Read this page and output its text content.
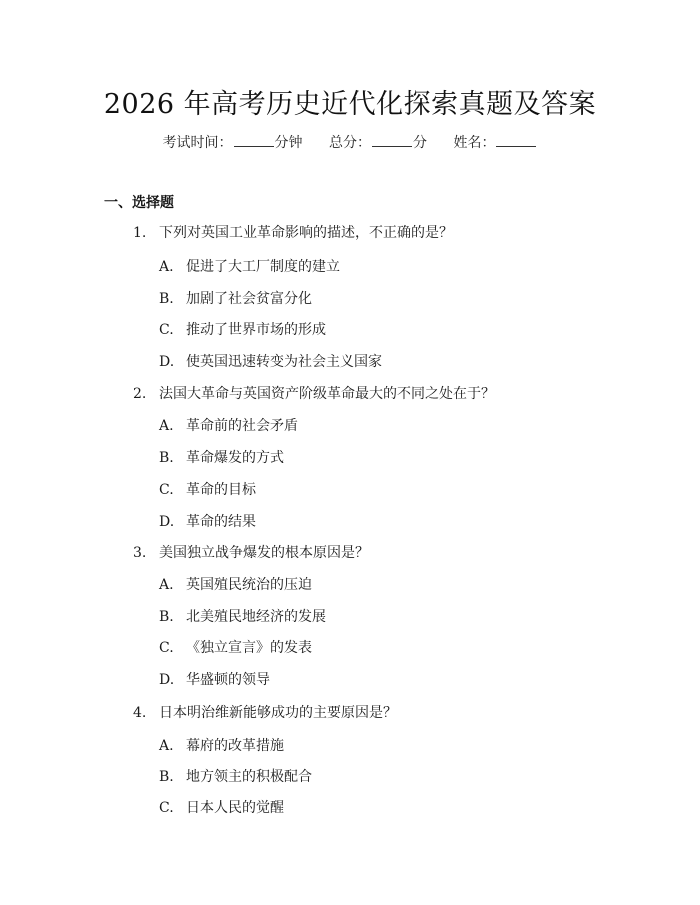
2026 年高考历史近代化探索真题及答案
考试时间：	分钟 总分：	分 姓名：
一、选择题
1. 下列对英国工业革命影响的描述，不正确的是？
A. 促进了大工厂制度的建立
B. 加剧了社会贫富分化
C. 推动了世界市场的形成
D. 使英国迅速转变为社会主义国家
2. 法国大革命与英国资产阶级革命最大的不同之处在于？
A. 革命前的社会矛盾
B. 革命爆发的方式
C. 革命的目标
D. 革命的结果
3. 美国独立战争爆发的根本原因是？
A. 英国殖民统治的压迫
B. 北美殖民地经济的发展
C. 《独立宣言》的发表
D. 华盛顿的领导
4. 日本明治维新能够成功的主要原因是？
A. 幕府的改革措施
B. 地方领主的积极配合
C. 日本人民的觉醒
